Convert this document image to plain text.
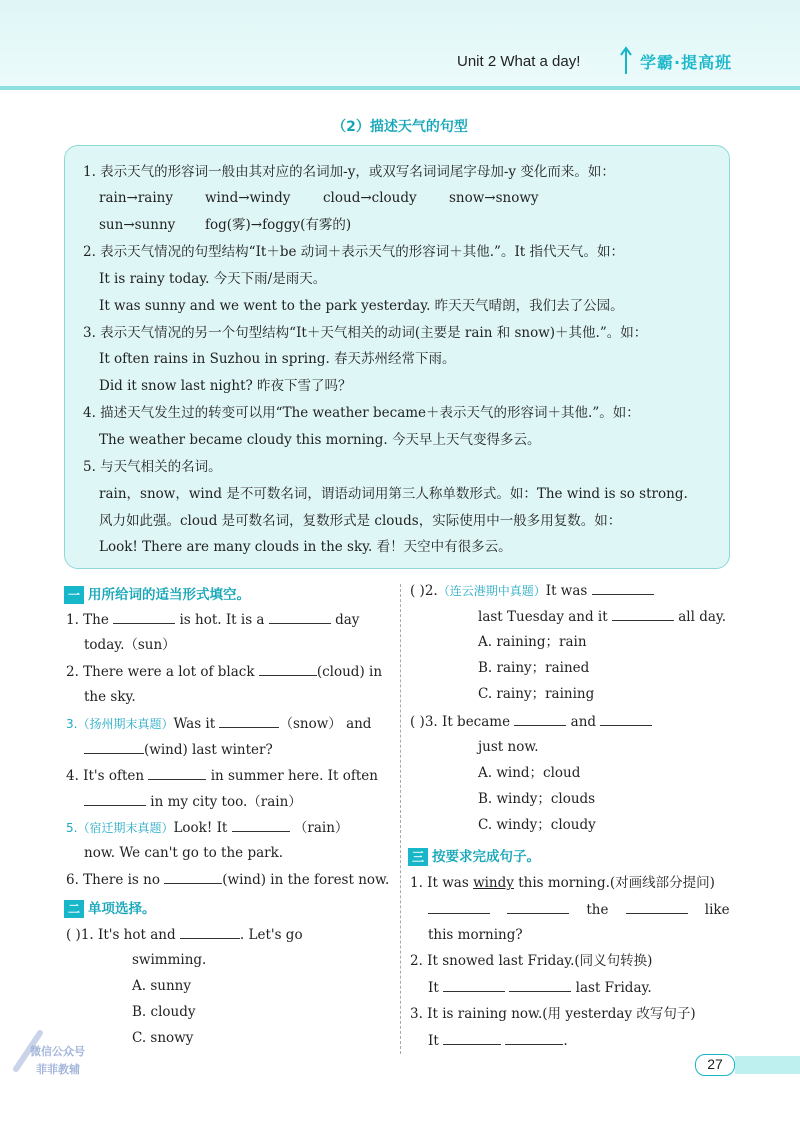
Unit 2 What a day!	学霸·提高班
（2）描述天气的句型
1. 表示天气的形容词一般由其对应的名词加-y，或双写名词词尾字母加-y 变化而来。如：
rain→rainy wind→windy cloud→cloudy snow→snowy
sun→sunny fog(雾)→foggy(有雾的)
2. 表示天气情况的句型结构“It＋be 动词＋表示天气的形容词＋其他.”。It 指代天气。如：
It is rainy today. 今天下雨/是雨天。
It was sunny and we went to the park yesterday. 昨天天气晴朗，我们去了公园。
3. 表示天气情况的另一个句型结构“It＋天气相关的动词(主要是 rain 和 snow)＋其他.”。如：
It often rains in Suzhou in spring. 春天苏州经常下雨。
Did it snow last night? 昨夜下雪了吗？
4. 描述天气发生过的转变可以用“The weather became＋表示天气的形容词＋其他.”。如：
The weather became cloudy this morning. 今天早上天气变得多云。
5. 与天气相关的名词。
rain，snow，wind 是不可数名词，谓语动词用第三人称单数形式。如：The wind is so strong.
风力如此强。cloud 是可数名词，复数形式是 clouds，实际使用中一般多用复数。如：
Look! There are many clouds in the sky. 看！天空中有很多云。
一 用所给词的适当形式填空。
1. The	is hot. It is a	day
today.（sun）
2. There were a lot of black	(cloud) in
the sky.
3.（扬州期末真题）Was it	（snow） and
(wind) last winter?
4. It's often	in summer here. It often
in my city too.（rain）
5.（宿迁期末真题）Look! It	（rain）
now. We can't go to the park.
6. There is no	(wind) in the forest now.
二 单项选择。
( )1. It's hot and	. Let's go
swimming.
A. sunny
B. cloudy
C. snowy
( )2.（连云港期中真题）It was
last Tuesday and it	all day.
A. raining；rain
B. rainy；rained
C. rainy；raining
( )3. It became	and
just now.
A. wind；cloud
B. windy；clouds
C. windy；cloudy
三 按要求完成句子。
1. It was windy this morning.(对画线部分提问)
the	like
this morning?
2. It snowed last Friday.(同义句转换)
It	last Friday.
3. It is raining now.(用 yesterday 改写句子)
It	.
27
微信公众号
菲菲教辅
